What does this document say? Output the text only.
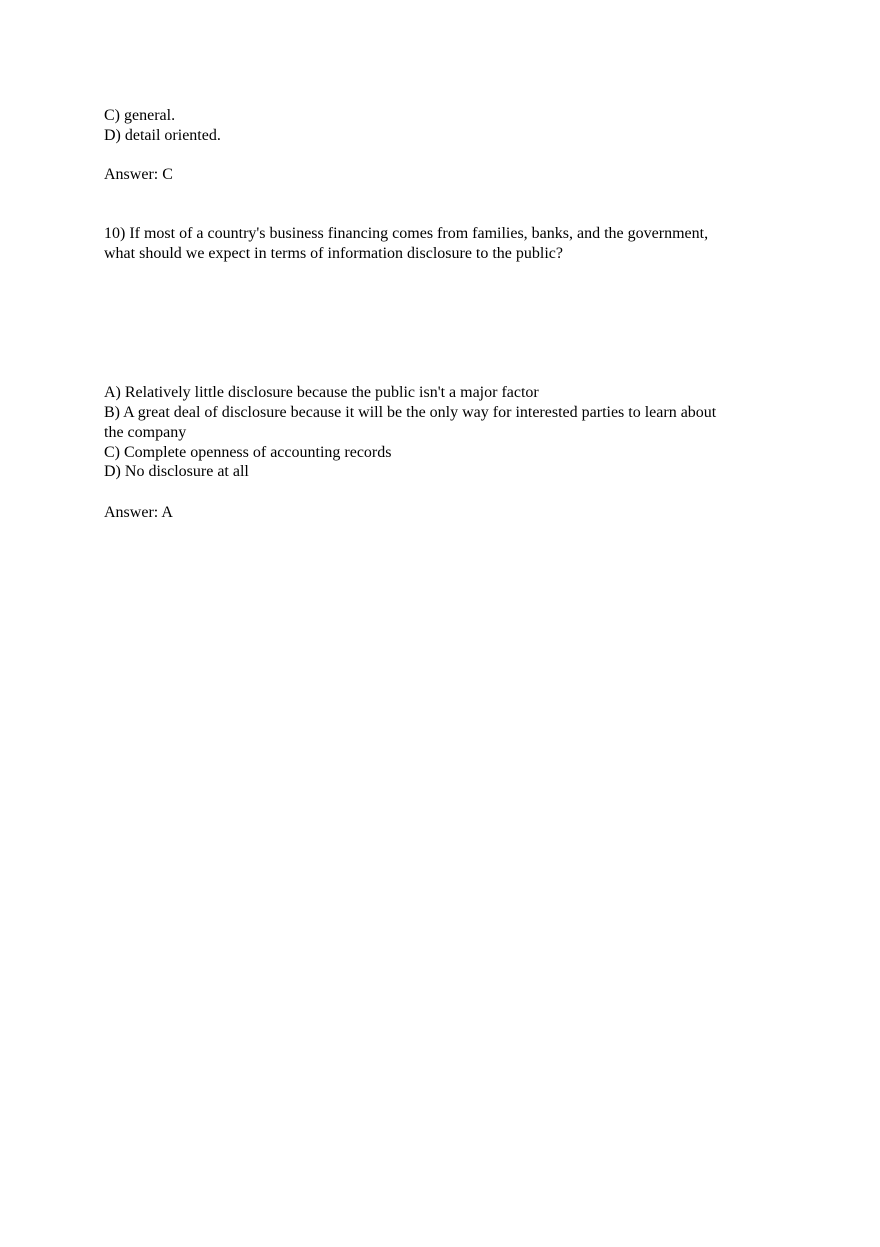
C) general.
D) detail oriented.
Answer: C
10) If most of a country's business financing comes from families, banks, and the government,
what should we expect in terms of information disclosure to the public?
A) Relatively little disclosure because the public isn't a major factor
B) A great deal of disclosure because it will be the only way for interested parties to learn about
the company
C) Complete openness of accounting records
D) No disclosure at all
Answer: A
